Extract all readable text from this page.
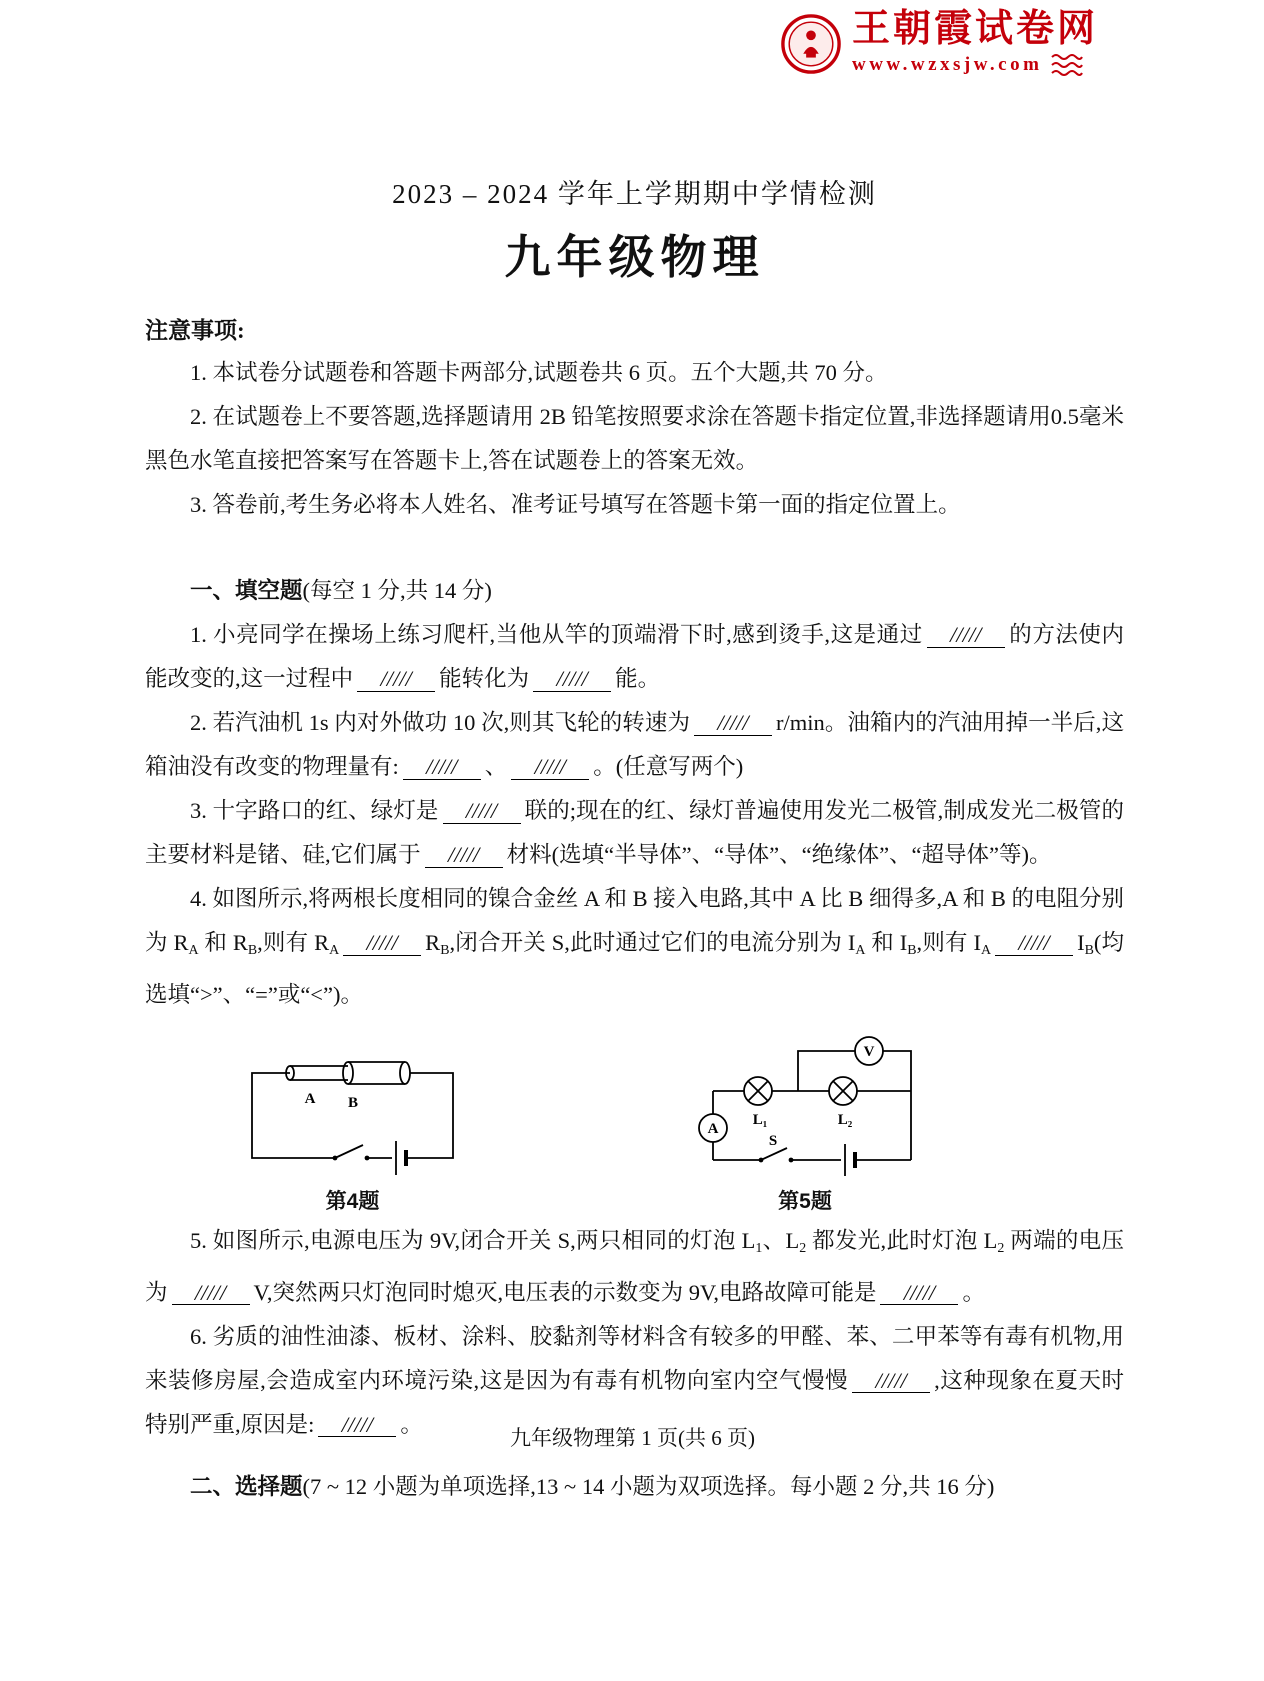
王朝霞试卷网
www.wzxsjw.com
2023 – 2024 学年上学期期中学情检测
九年级物理
注意事项:

1. 本试卷分试题卷和答题卡两部分,试题卷共 6 页。五个大题,共 70 分。

2. 在试题卷上不要答题,选择题请用 2B 铅笔按照要求涂在答题卡指定位置,非选择题请用0.5毫米黑色水笔直接把答案写在答题卡上,答在试题卷上的答案无效。

3. 答卷前,考生务必将本人姓名、准考证号填写在答题卡第一面的指定位置上。

一、填空题(每空 1 分,共 14 分)

1. 小亮同学在操场上练习爬杆,当他从竿的顶端滑下时,感到烫手,这是通过 ///// 的方法使内能改变的,这一过程中 ///// 能转化为 ///// 能。

2. 若汽油机 1s 内对外做功 10 次,则其飞轮的转速为 ///// r/min。油箱内的汽油用掉一半后,这箱油没有改变的物理量有: ///// 、 ///// 。(任意写两个)

3. 十字路口的红、绿灯是 ///// 联的;现在的红、绿灯普遍使用发光二极管,制成发光二极管的主要材料是锗、硅,它们属于 ///// 材料(选填“半导体”、“导体”、“绝缘体”、“超导体”等)。

4. 如图所示,将两根长度相同的镍合金丝 A 和 B 接入电路,其中 A 比 B 细得多,A 和 B 的电阻分别为 $R_A$ 和 $R_B$,则有 $R_A$ ///// $R_B$,闭合开关 S,此时通过它们的电流分别为 $I_A$ 和 $I_B$,则有 $I_A$ ///// $I_B$(均选填“>”、“=”或“<”)。

A B
第4题
A
V
L₁	L₂
S
第5题

5. 如图所示,电源电压为 9V,闭合开关 S,两只相同的灯泡 $L_1$、$L_2$ 都发光,此时灯泡 $L_2$ 两端的电压为 ///// V,突然两只灯泡同时熄灭,电压表的示数变为 9V,电路故障可能是 ///// 。

6. 劣质的油性油漆、板材、涂料、胶黏剂等材料含有较多的甲醛、苯、二甲苯等有毒有机物,用来装修房屋,会造成室内环境污染,这是因为有毒有机物向室内空气慢慢 ///// ,这种现象在夏天时特别严重,原因是: ///// 。

二、选择题(7 ~ 12 小题为单项选择,13 ~ 14 小题为双项选择。每小题 2 分,共 16 分)

九年级物理第 1 页(共 6 页)
